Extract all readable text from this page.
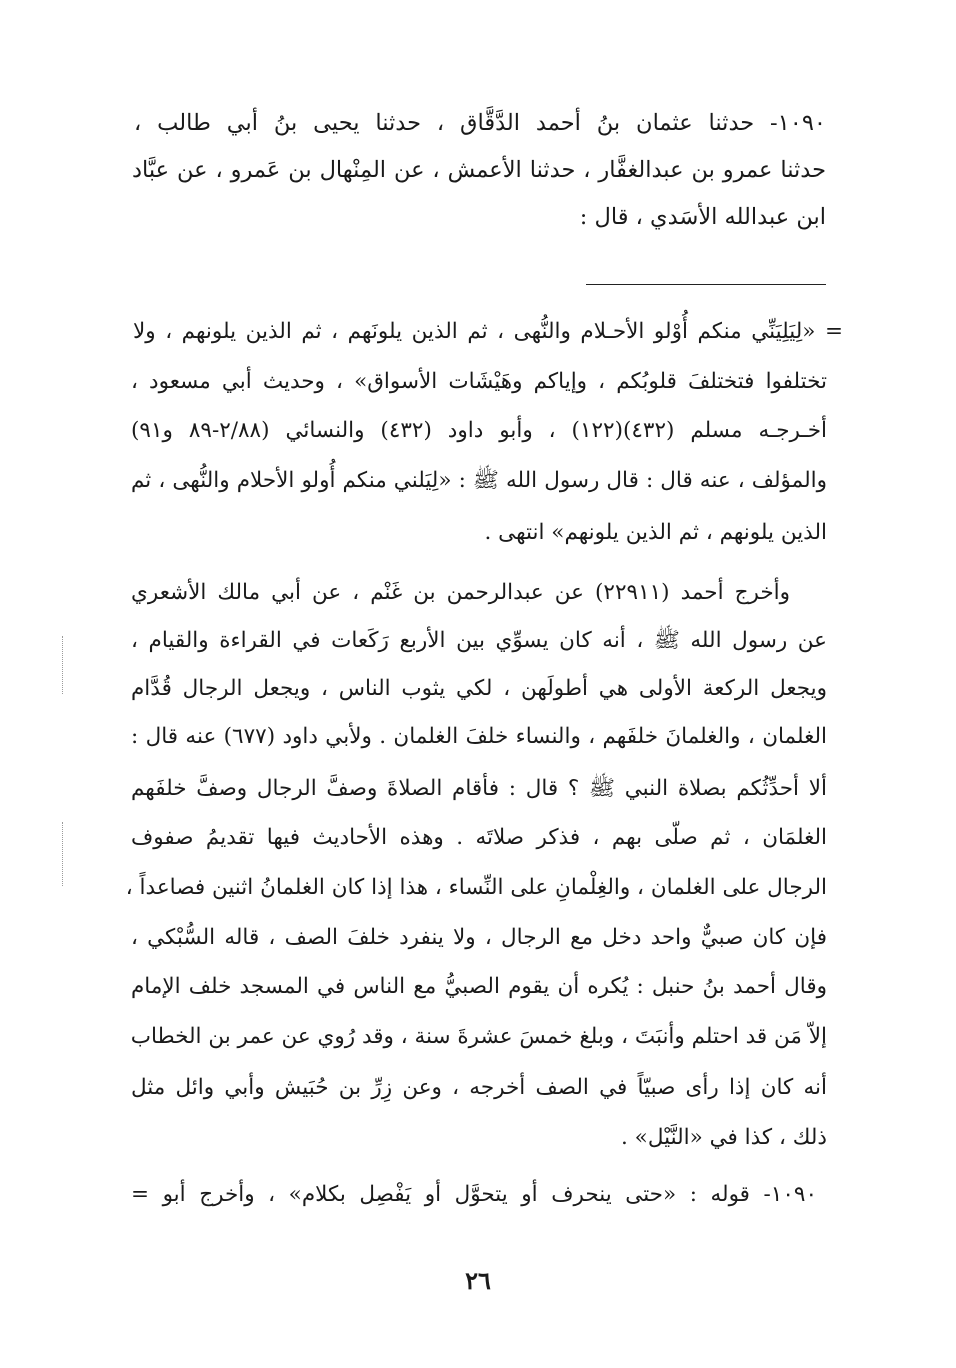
١٠٩٠- حدثنا عثمان بنُ أحمد الدَّقَّاق ، حدثنا يحيى بنُ أبي طالب ،
حدثنا عمرو بن عبدالغفَّار ، حدثنا الأعمش ، عن المِنْهال بن عَمرو ، عن عبَّاد
ابن عبدالله الأسَدي ، قال :
= «لِيَلِيَنِّي منكم أُوْلو الأحـلام والنُّهى ، ثم الذين يلونَهم ، ثم الذين يلونهم ، ولا
تختلفوا فتختلفَ قلوبُكم ، وإياكم وهَيْشَات الأسواق» ، وحديث أبي مسعود ،
أخـرجـه مسلم (٤٣٢)(١٢٢) ، وأبو داود (٤٣٢) والنسائي (٢/٨٨-٨٩ و٩١)
والمؤلف ، عنه قال : قال رسول الله ﷺ : «لِيَلني منكم أُولو الأحلام والنُّهى ، ثم
الذين يلونهم ، ثم الذين يلونهم» انتهى .
وأخرج أحمد (٢٢٩١١) عن عبدالرحمن بن غَنْم ، عن أبي مالك الأشعري
عن رسول الله ﷺ ، أنه كان يسوِّي بين الأربع رَكَعات في القراءة والقيام ،
ويجعل الركعة الأولى هي أطولَهن ، لكي يثوب الناس ، ويجعل الرجال قُدَّام
الغلمان ، والغلمانَ خلفَهم ، والنساء خلفَ الغلمان . ولأبي داود (٦٧٧) عنه قال :
ألا أحدِّثُكم بصلاة النبي ﷺ ؟ قال : فأقام الصلاةَ وصفَّ الرجال وصفَّ خلفَهم
الغلمَان ، ثم صلّى بهم ، فذكر صلاتَه . وهذه الأحاديث فيها تقديمُ صفوف
الرجال على الغلمان ، والغِلْمانِ على النِّساء ، هذا إذا كان الغلمانُ اثنين فصاعداً ،
فإن كان صبيٌّ واحد دخل مع الرجال ، ولا ينفرد خلفَ الصف ، قاله السُّبْكي ،
وقال أحمد بنُ حنبل : يُكره أن يقوم الصبيُّ مع الناس في المسجد خلف الإمام
إلاّ مَن قد احتلم وأنبَتَ ، وبلغ خمسَ عشرةَ سنة ، وقد رُوي عن عمر بن الخطاب
أنه كان إذا رأى صبيّاً في الصف أخرجه ، وعن زِرِّ بن حُبَيش وأبي وائل مثل
ذلك ، كذا في «النَّيْل» .
١٠٩٠- قوله : «حتى ينحرف أو يتحوَّل أو يَفْصِل بكلام» ، وأخرج أبو =
٢٦
